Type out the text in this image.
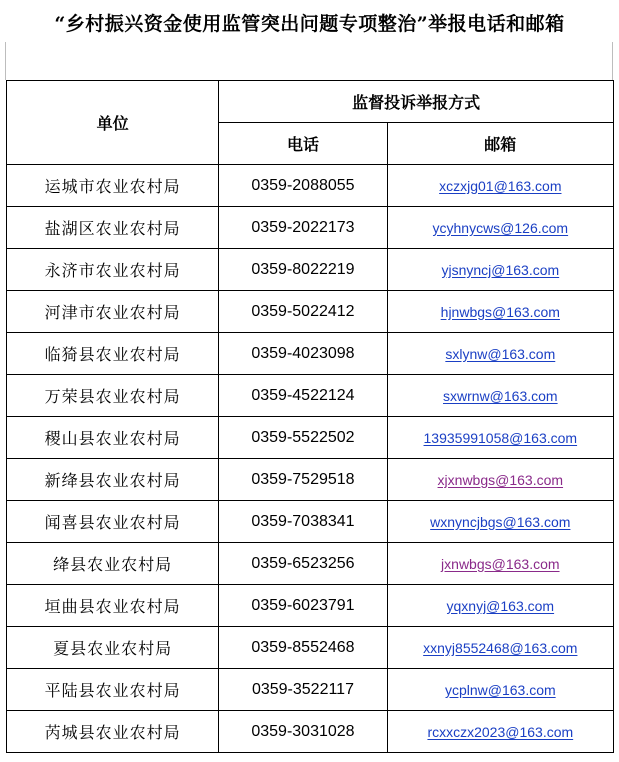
“乡村振兴资金使用监管突出问题专项整治”举报电话和邮箱
单位	监督投诉举报方式	
	电话	邮箱
运城市农业农村局	0359-2088055	xczxjg01@163.com
盐湖区农业农村局	0359-2022173	ycyhnycws@126.com
永济市农业农村局	0359-8022219	yjsnyncj@163.com
河津市农业农村局	0359-5022412	hjnwbgs@163.com
临猗县农业农村局	0359-4023098	sxlynw@163.com
万荣县农业农村局	0359-4522124	sxwrnw@163.com
稷山县农业农村局	0359-5522502	13935991058@163.com
新绛县农业农村局	0359-7529518	xjxnwbgs@163.com
闻喜县农业农村局	0359-7038341	wxnyncjbgs@163.com
绛县农业农村局	0359-6523256	jxnwbgs@163.com
垣曲县农业农村局	0359-6023791	yqxnyj@163.com
夏县农业农村局	0359-8552468	xxnyj8552468@163.com
平陆县农业农村局	0359-3522117	ycplnw@163.com
芮城县农业农村局	0359-3031028	rcxxczx2023@163.com
